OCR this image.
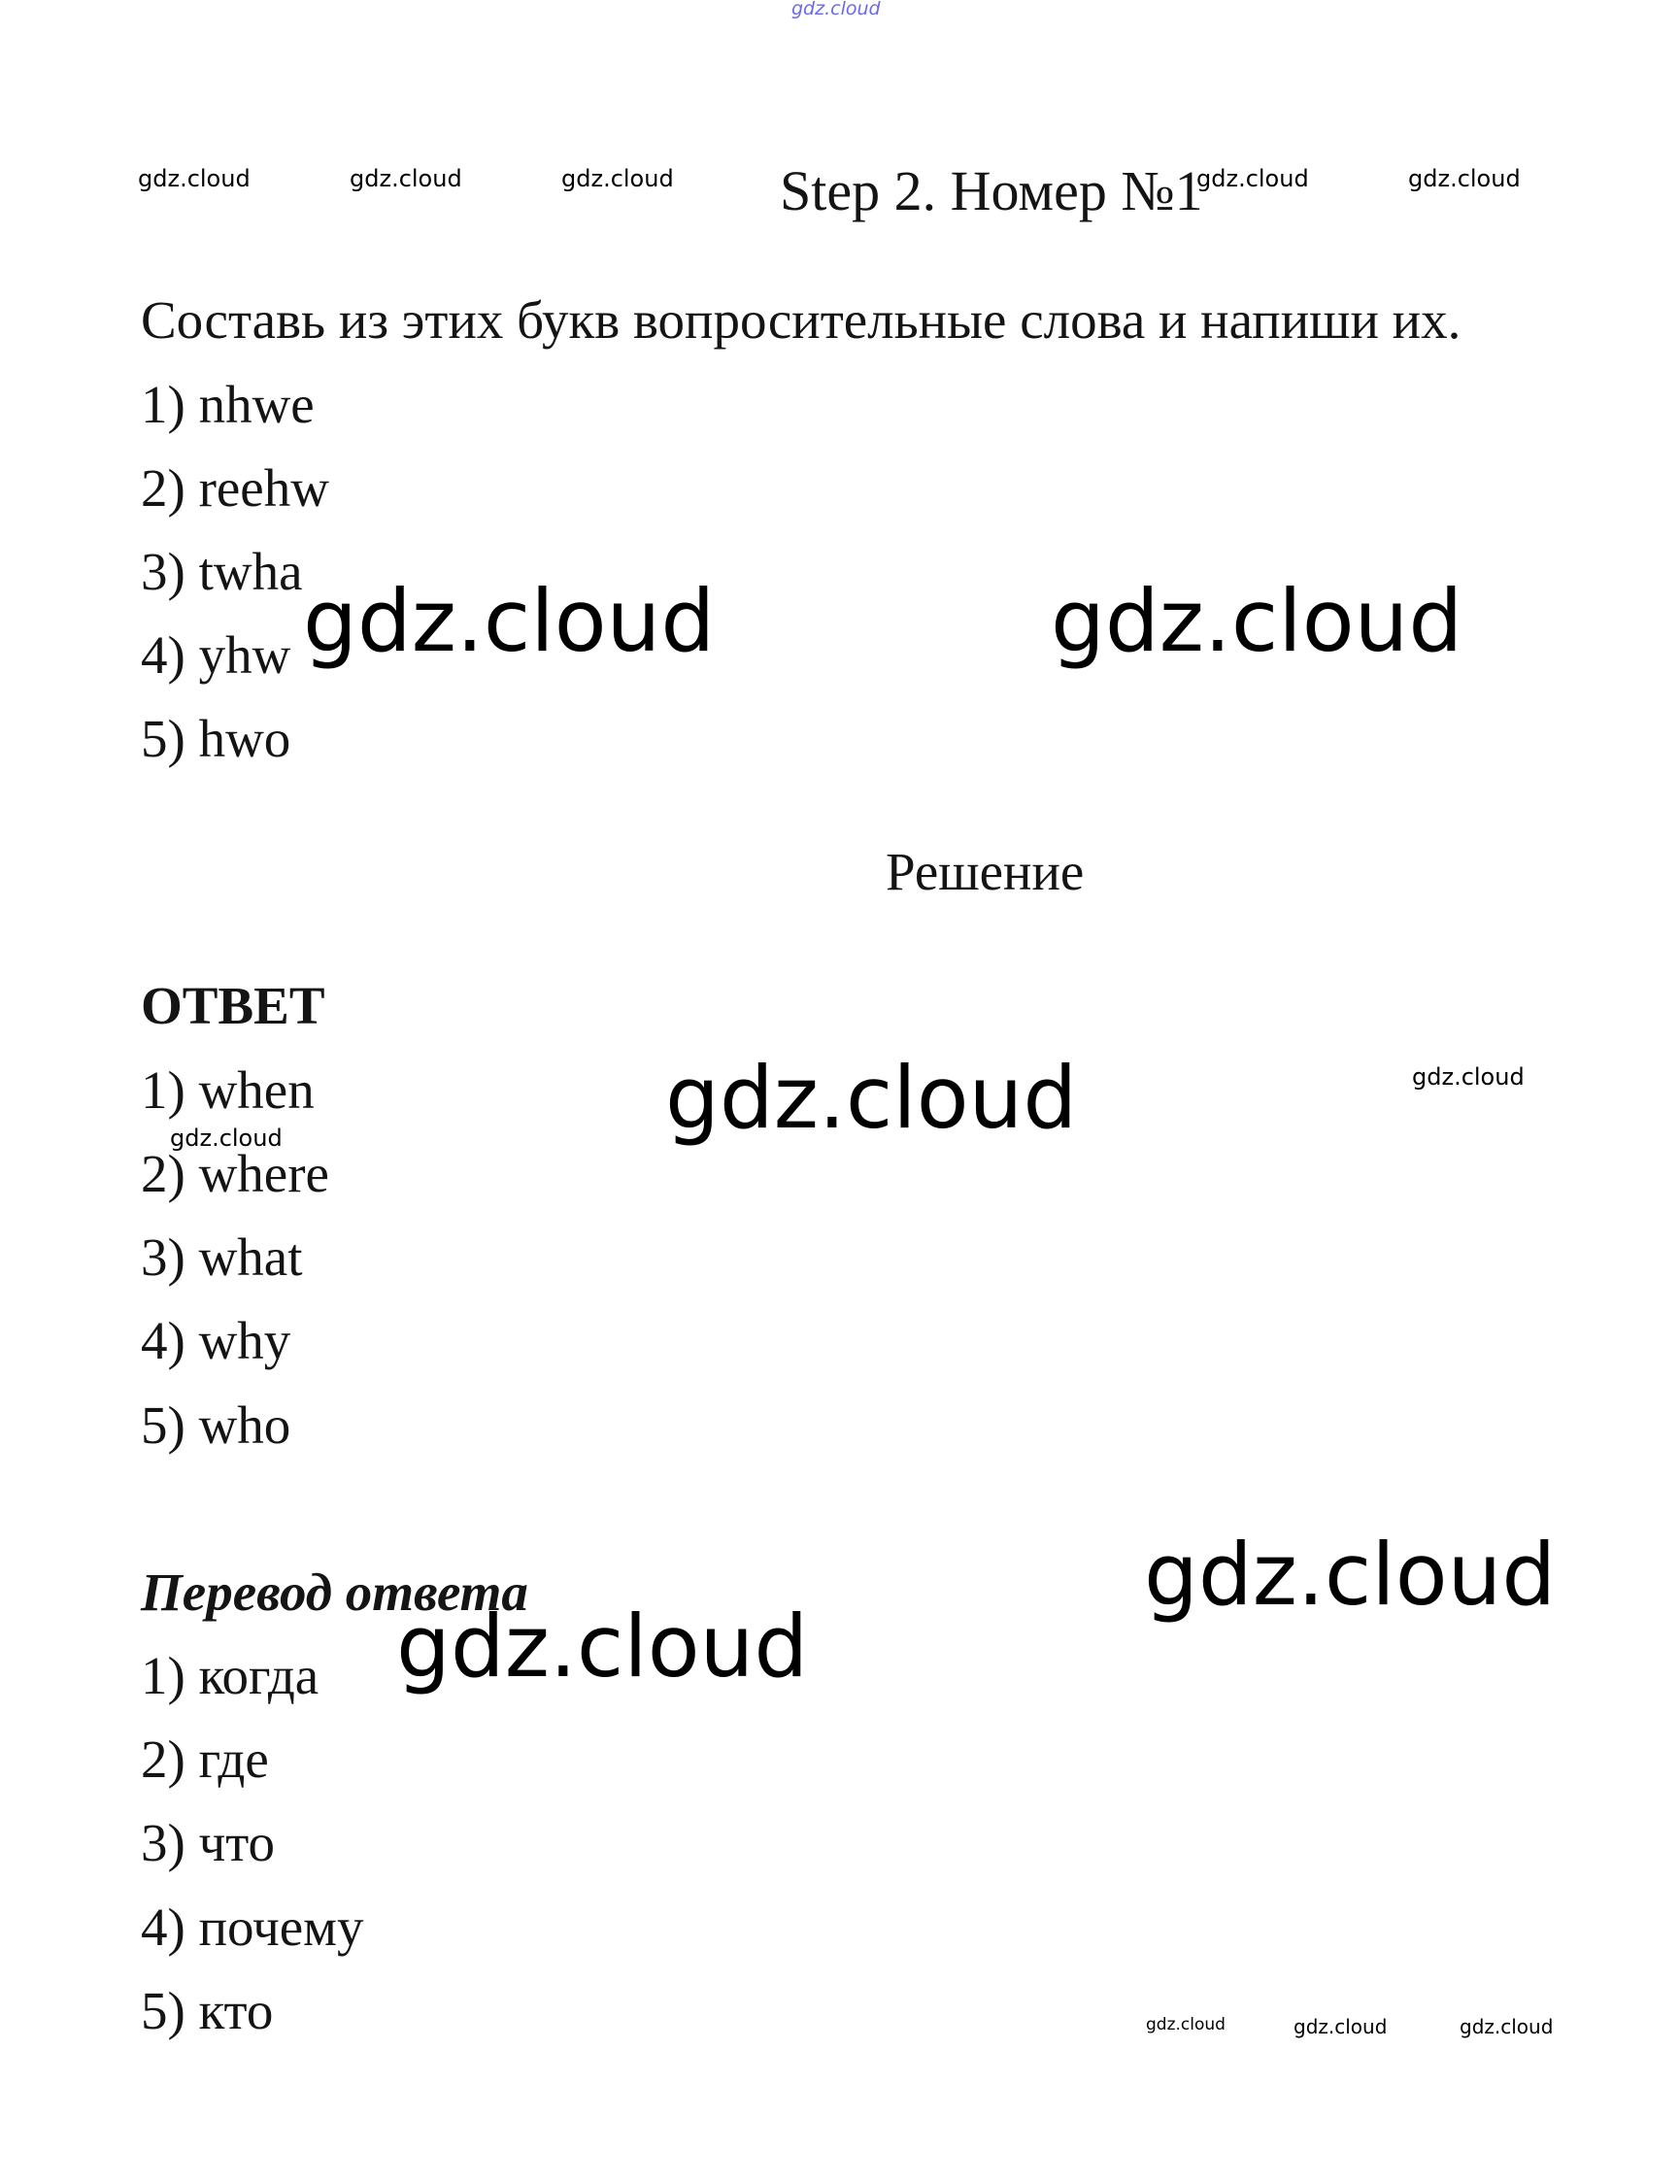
gdz.cloud
gdz.cloud	gdz.cloud	gdz.cloud	gdz.cloud
Step 2. Номер №1
gdz.cloud
Составь из этих букв вопросительные слова и напиши их.
1) nhwe
2) reehw
3) twha
4) yhw
5) hwo
gdz.cloud	gdz.cloud
Решение
ОТВЕТ
1) when
2) where
3) what
4) why
5) who
gdz.cloud	gdz.cloud	gdz.cloud
Перевод ответа
1) когда
2) где
3) что
4) почему
5) кто
gdz.cloud
gdz.cloud
gdz.cloud	gdz.cloud	gdz.cloud
